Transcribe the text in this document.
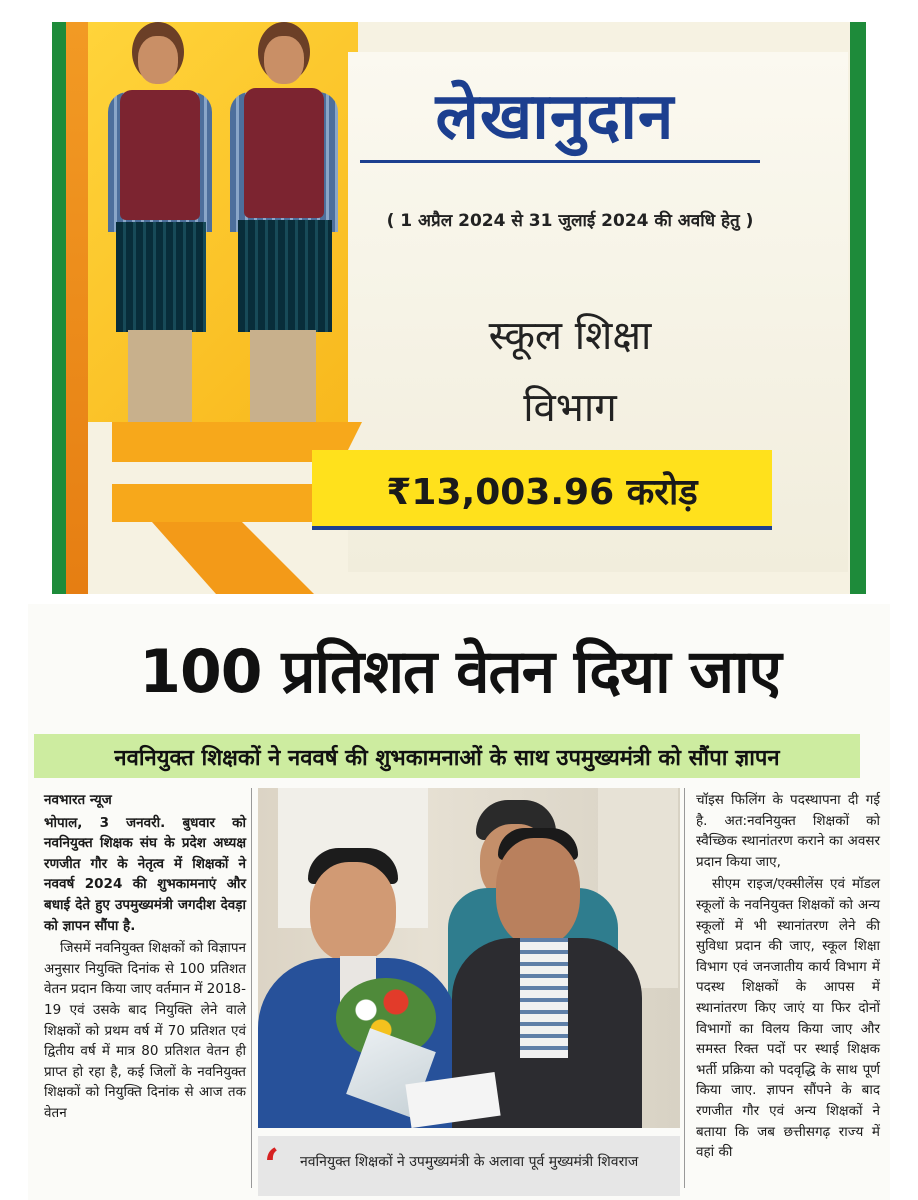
लेखानुदान
( 1 अप्रैल 2024 से 31 जुलाई 2024 की अवधि हेतु )
स्कूल शिक्षा
विभाग
₹13,003.96 करोड़
100 प्रतिशत वेतन दिया जाए
नवनियुक्त शिक्षकों ने नववर्ष की शुभकामनाओं के साथ उपमुख्यमंत्री को सौंपा ज्ञापन

नवभारत न्यूज

भोपाल, 3 जनवरी. बुधवार को नवनियुक्त शिक्षक संघ के प्रदेश अध्यक्ष रणजीत गौर के नेतृत्व में शिक्षकों ने नववर्ष 2024 की शुभकामनाएं और बधाई देते हुए उपमुख्यमंत्री जगदीश देवड़ा को ज्ञापन सौंपा है.

जिसमें नवनियुक्त शिक्षकों को विज्ञापन अनुसार नियुक्ति दिनांक से 100 प्रतिशत वेतन प्रदान किया जाए वर्तमान में 2018-19 एवं उसके बाद नियुक्ति लेने वाले शिक्षकों को प्रथम वर्ष में 70 प्रतिशत एवं द्वितीय वर्ष में मात्र 80 प्रतिशत वेतन ही प्राप्त हो रहा है, कई जिलों के नवनियुक्त शिक्षकों को नियुक्ति दिनांक से आज तक वेतन

‘ नवनियुक्त शिक्षकों ने उपमुख्यमंत्री के अलावा पूर्व मुख्यमंत्री शिवराज

चॉइस फिलिंग के पदस्थापना दी गई है. अत:नवनियुक्त शिक्षकों को स्वैच्छिक स्थानांतरण कराने का अवसर प्रदान किया जाए,

सीएम राइज/एक्सीलेंस एवं मॉडल स्कूलों के नवनियुक्त शिक्षकों को अन्य स्कूलों में भी स्थानांतरण लेने की सुविधा प्रदान की जाए, स्कूल शिक्षा विभाग एवं जनजातीय कार्य विभाग में पदस्थ शिक्षकों के आपस में स्थानांतरण किए जाएं या फिर दोनों विभागों का विलय किया जाए और समस्त रिक्त पदों पर स्थाई शिक्षक भर्ती प्रक्रिया को पदवृद्धि के साथ पूर्ण किया जाए. ज्ञापन सौंपने के बाद रणजीत गौर एवं अन्य शिक्षकों ने बताया कि जब छत्तीसगढ़ राज्य में वहां की
